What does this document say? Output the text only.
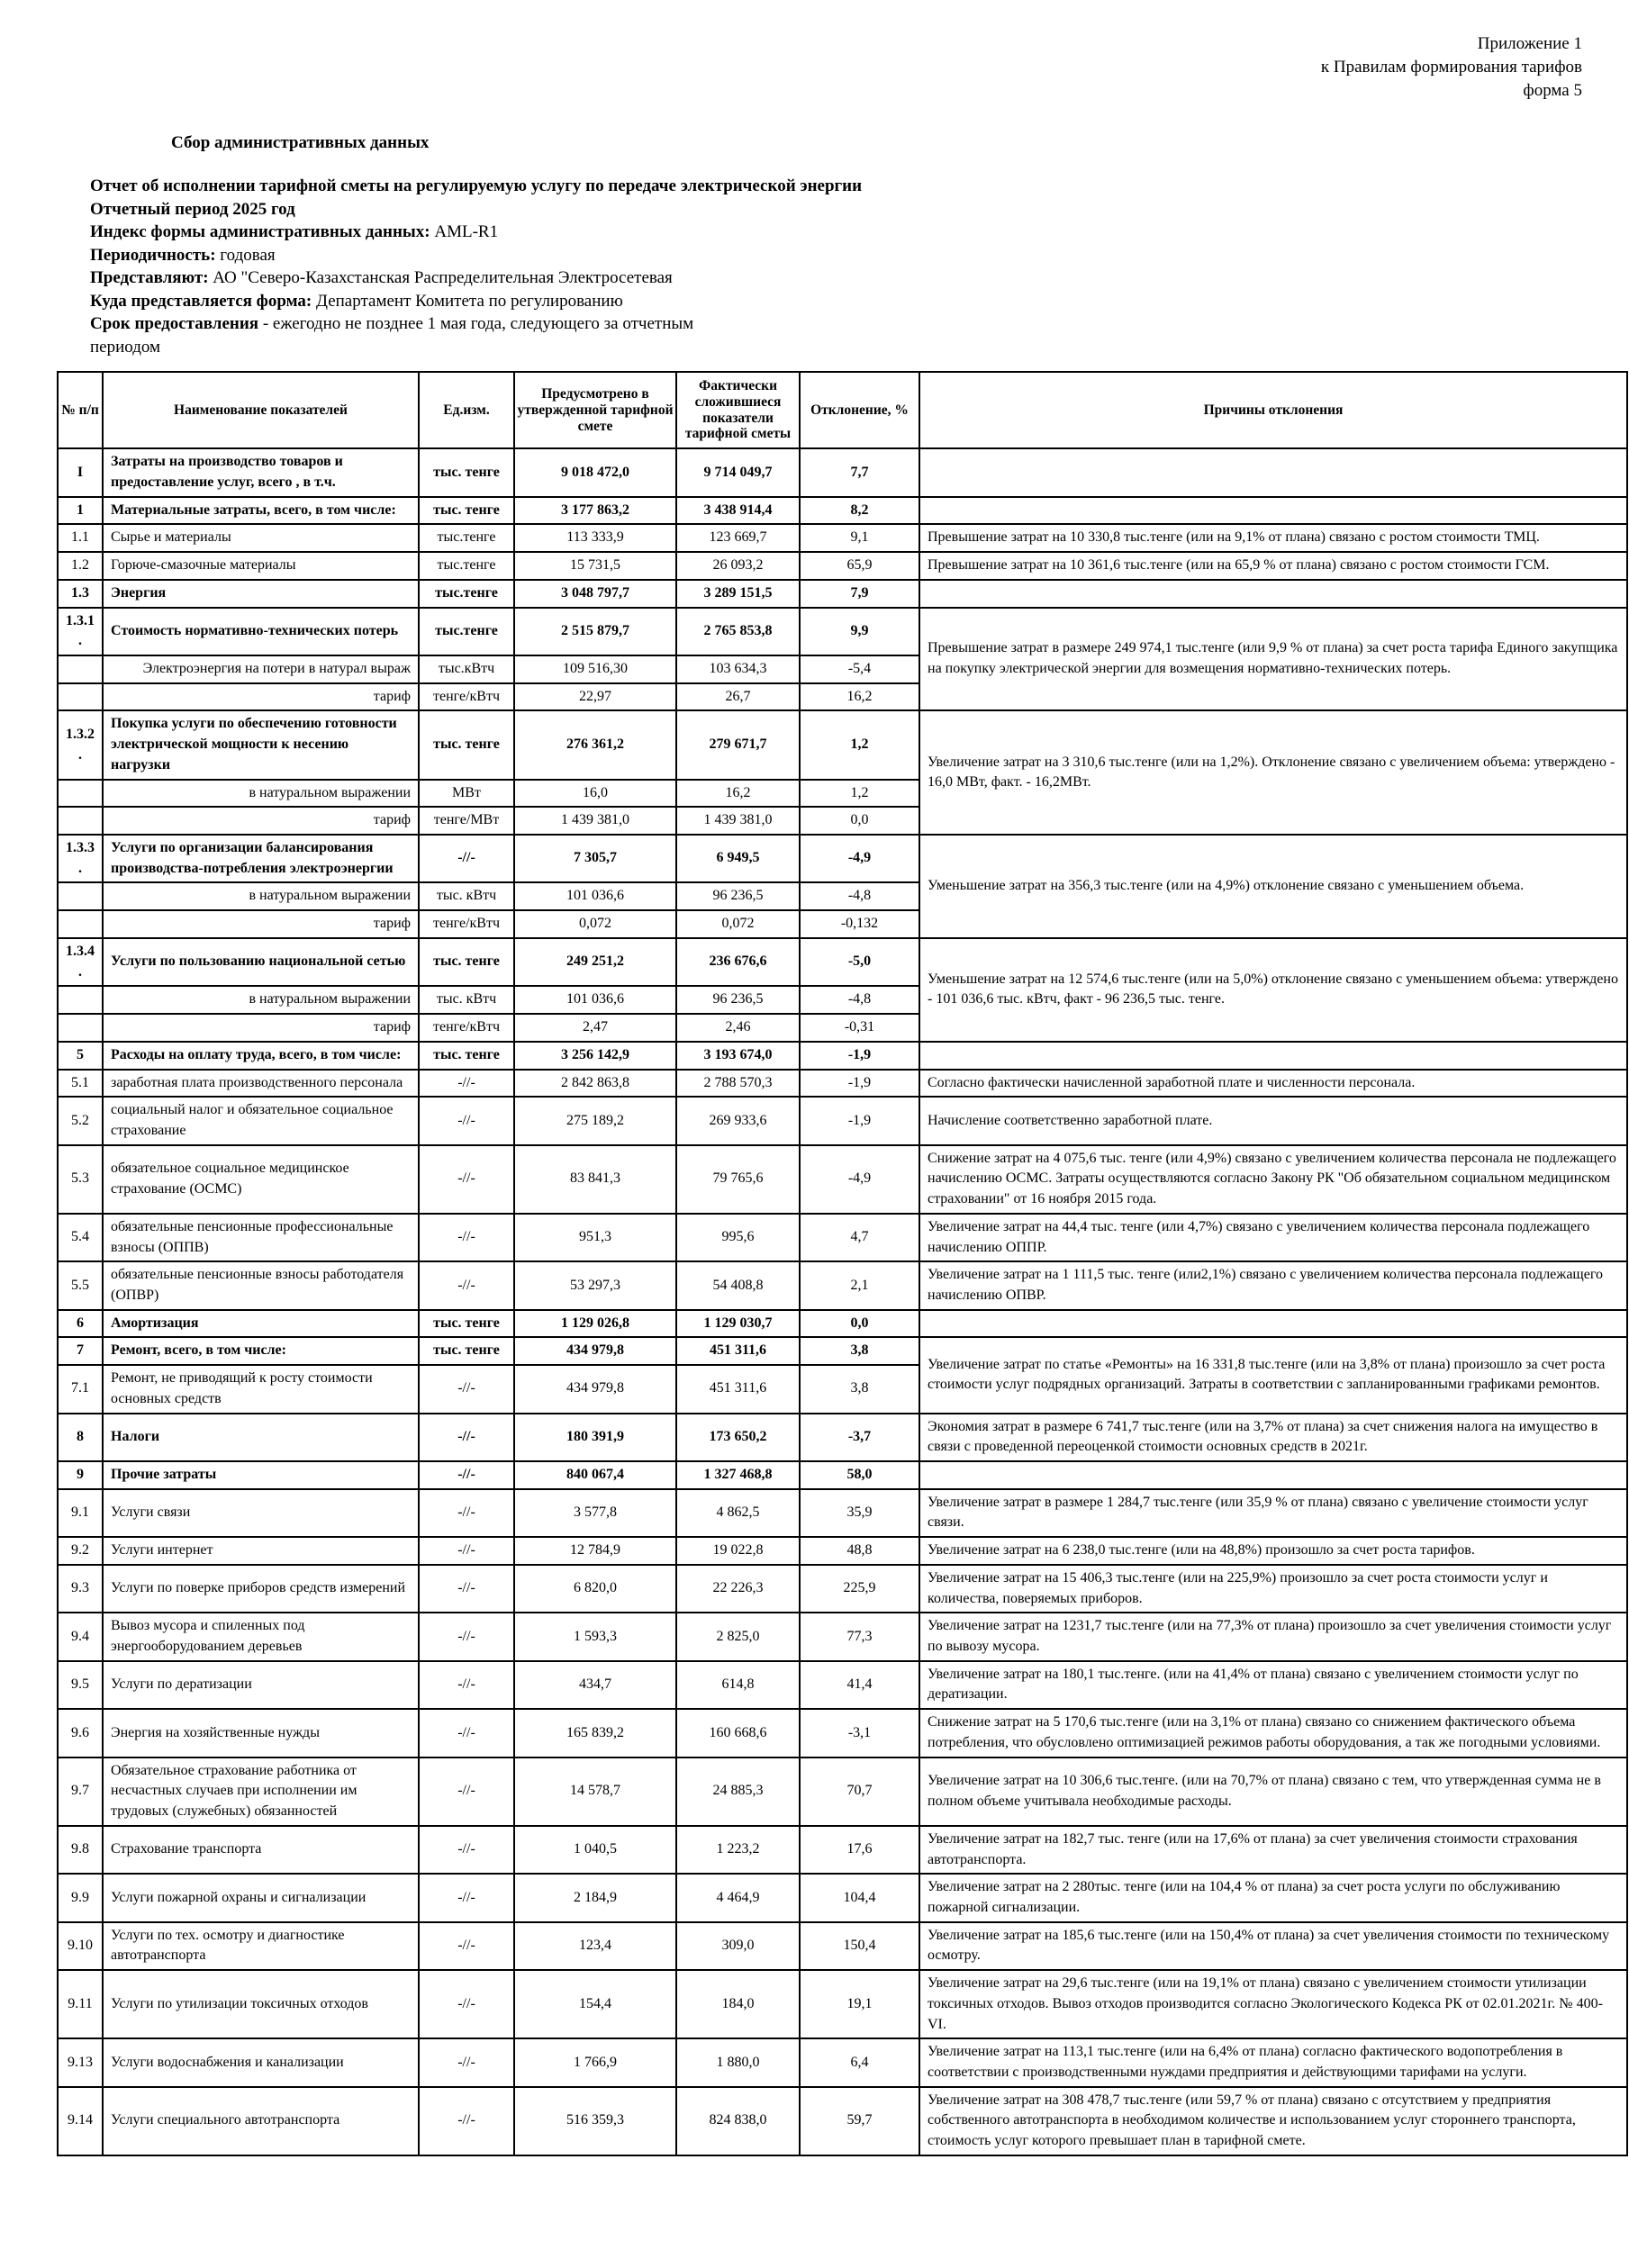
Приложение 1
к Правилам формирования тарифов
форма 5
Сбор административных данных
Отчет об исполнении тарифной сметы на регулируемую услугу по передаче электрической энергии
Отчетный период 2025 год
Индекс формы административных данных: AML-R1
Периодичность: годовая
Представляют: АО "Северо-Казахстанская Распределительная Электросетевая
Куда представляется форма: Департамент Комитета по регулированию
Срок предоставления - ежегодно не позднее 1 мая года, следующего за отчетным
периодом
№ п/п	Наименование показателей	Ед.изм.	Предусмотрено в утвержденной тарифной смете	Фактически сложившиеся показатели тарифной сметы	Отклонение, %	Причины отклонения
I	Затраты на производство товаров и предоставление услуг, всего , в т.ч.	тыс. тенге	9 018 472,0	9 714 049,7	7,7	
1	Материальные затраты, всего, в том числе:	тыс. тенге	3 177 863,2	3 438 914,4	8,2	
1.1	Сырье и материалы	тыс.тенге	113 333,9	123 669,7	9,1	Превышение затрат на 10 330,8 тыс.тенге (или на 9,1% от плана) связано с ростом стоимости ТМЦ.
1.2	Горюче-смазочные материалы	тыс.тенге	15 731,5	26 093,2	65,9	Превышение затрат на 10 361,6 тыс.тенге (или на 65,9 % от плана) связано с ростом стоимости ГСМ.
1.3	Энергия	тыс.тенге	3 048 797,7	3 289 151,5	7,9	
1.3.1.	Стоимость нормативно-технических потерь	тыс.тенге	2 515 879,7	2 765 853,8	9,9	Превышение затрат в размере 249 974,1 тыс.тенге (или 9,9 % от плана) за счет роста тарифа Единого закупщика на покупку электрической энергии для возмещения нормативно-технических потерь.
	Электроэнергия на потери в натурал выраж	тыс.кВтч	109 516,30	103 634,3	-5,4	
	тариф	тенге/кВтч	22,97	26,7	16,2	
1.3.2.	Покупка услуги по обеспечению готовности электрической мощности к несению нагрузки	тыс. тенге	276 361,2	279 671,7	1,2	Увеличение затрат на 3 310,6 тыс.тенге (или на 1,2%). Отклонение связано с увеличением объема: утверждено - 16,0 МВт, факт. - 16,2МВт.
	в натуральном выражении	МВт	16,0	16,2	1,2	
	тариф	тенге/МВт	1 439 381,0	1 439 381,0	0,0	
1.3.3.	Услуги по организации балансирования производства-потребления электроэнергии	-//-	7 305,7	6 949,5	-4,9	Уменьшение затрат на 356,3 тыс.тенге (или на 4,9%) отклонение связано с уменьшением объема.
	в натуральном выражении	тыс. кВтч	101 036,6	96 236,5	-4,8	
	тариф	тенге/кВтч	0,072	0,072	-0,132	
1.3.4.	Услуги по пользованию национальной сетью	тыс. тенге	249 251,2	236 676,6	-5,0	Уменьшение затрат на 12 574,6 тыс.тенге (или на 5,0%) отклонение связано с уменьшением объема: утверждено - 101 036,6 тыс. кВтч, факт - 96 236,5 тыс. тенге.
	в натуральном выражении	тыс. кВтч	101 036,6	96 236,5	-4,8	
	тариф	тенге/кВтч	2,47	2,46	-0,31	
5	Расходы на оплату труда, всего, в том числе:	тыс. тенге	3 256 142,9	3 193 674,0	-1,9	
5.1	заработная плата производственного персонала	-//-	2 842 863,8	2 788 570,3	-1,9	Согласно фактически начисленной заработной плате и численности персонала.
5.2	социальный налог и обязательное социальное страхование	-//-	275 189,2	269 933,6	-1,9	Начисление соответственно заработной плате.
5.3	обязательное социальное медицинское страхование (ОСМС)	-//-	83 841,3	79 765,6	-4,9	Снижение затрат на 4 075,6 тыс. тенге (или 4,9%) связано с увеличением количества персонала не подлежащего начислению ОСМС. Затраты осуществляются согласно Закону РК "Об обязательном социальном медицинском страховании" от 16 ноября 2015 года.
5.4	обязательные пенсионные профессиональные взносы (ОППВ)	-//-	951,3	995,6	4,7	Увеличение затрат на 44,4 тыс. тенге (или 4,7%) связано с увеличением количества персонала подлежащего начислению ОППР.
5.5	обязательные пенсионные взносы работодателя (ОПВР)	-//-	53 297,3	54 408,8	2,1	Увеличение затрат на 1 111,5 тыс. тенге (или2,1%) связано с увеличением количества персонала подлежащего начислению ОПВР.
6	Амортизация	тыс. тенге	1 129 026,8	1 129 030,7	0,0	
7	Ремонт, всего, в том числе:	тыс. тенге	434 979,8	451 311,6	3,8	Увеличение затрат по статье «Ремонты» на 16 331,8 тыс.тенге (или на 3,8% от плана) произошло за счет роста стоимости услуг подрядных организаций. Затраты в соответствии с запланированными графиками ремонтов.
7.1	Ремонт, не приводящий к росту стоимости основных средств	-//-	434 979,8	451 311,6	3,8	
8	Налоги	-//-	180 391,9	173 650,2	-3,7	Экономия затрат в размере 6 741,7 тыс.тенге (или на 3,7% от плана) за счет снижения налога на имущество в связи с проведенной переоценкой стоимости основных средств в 2021г.
9	Прочие затраты	-//-	840 067,4	1 327 468,8	58,0	
9.1	Услуги связи	-//-	3 577,8	4 862,5	35,9	Увеличение затрат в размере 1 284,7 тыс.тенге (или 35,9 % от плана) связано с увеличение стоимости услуг связи.
9.2	Услуги интернет	-//-	12 784,9	19 022,8	48,8	Увеличение затрат на 6 238,0 тыс.тенге (или на 48,8%) произошло за счет роста тарифов.
9.3	Услуги по поверке приборов средств измерений	-//-	6 820,0	22 226,3	225,9	Увеличение затрат на 15 406,3 тыс.тенге (или на 225,9%) произошло за счет роста стоимости услуг и количества, поверяемых приборов.
9.4	Вывоз мусора и спиленных под энергооборудованием деревьев	-//-	1 593,3	2 825,0	77,3	Увеличение затрат на 1231,7 тыс.тенге (или на 77,3% от плана) произошло за счет увеличения стоимости услуг по вывозу мусора.
9.5	Услуги по дератизации	-//-	434,7	614,8	41,4	Увеличение затрат на 180,1 тыс.тенге. (или на 41,4% от плана) связано с увеличением стоимости услуг по дератизации.
9.6	Энергия на хозяйственные нужды	-//-	165 839,2	160 668,6	-3,1	Снижение затрат на 5 170,6 тыс.тенге (или на 3,1% от плана) связано со снижением фактического объема потребления, что обусловлено оптимизацией режимов работы оборудования, а так же погодными условиями.
9.7	Обязательное страхование работника от несчастных случаев при исполнении им трудовых (служебных) обязанностей	-//-	14 578,7	24 885,3	70,7	Увеличение затрат на 10 306,6 тыс.тенге. (или на 70,7% от плана) связано с тем, что утвержденная сумма не в полном объеме учитывала необходимые расходы.
9.8	Страхование транспорта	-//-	1 040,5	1 223,2	17,6	Увеличение затрат на 182,7 тыс. тенге (или на 17,6% от плана) за счет увеличения стоимости страхования автотранспорта.
9.9	Услуги пожарной охраны и сигнализации	-//-	2 184,9	4 464,9	104,4	Увеличение затрат на 2 280тыс. тенге (или на 104,4 % от плана) за счет роста услуги по обслуживанию пожарной сигнализации.
9.10	Услуги по тех. осмотру и диагностике автотранспорта	-//-	123,4	309,0	150,4	Увеличение затрат на 185,6 тыс.тенге (или на 150,4% от плана) за счет увеличения стоимости по техническому осмотру.
9.11	Услуги по утилизации токсичных отходов	-//-	154,4	184,0	19,1	Увеличение затрат на 29,6 тыс.тенге (или на 19,1% от плана) связано с увеличением стоимости утилизации токсичных отходов. Вывоз отходов производится согласно Экологического Кодекса РК от 02.01.2021г. № 400-VI.
9.13	Услуги водоснабжения и канализации	-//-	1 766,9	1 880,0	6,4	Увеличение затрат на 113,1 тыс.тенге (или на 6,4% от плана) согласно фактического водопотребления в соответствии с производственными нуждами предприятия и действующими тарифами на услуги.
9.14	Услуги специального автотранспорта	-//-	516 359,3	824 838,0	59,7	Увеличение затрат на 308 478,7 тыс.тенге (или 59,7 % от плана) связано с отсутствием у предприятия собственного автотранспорта в необходимом количестве и использованием услуг стороннего транспорта, стоимость услуг которого превышает план в тарифной смете.
